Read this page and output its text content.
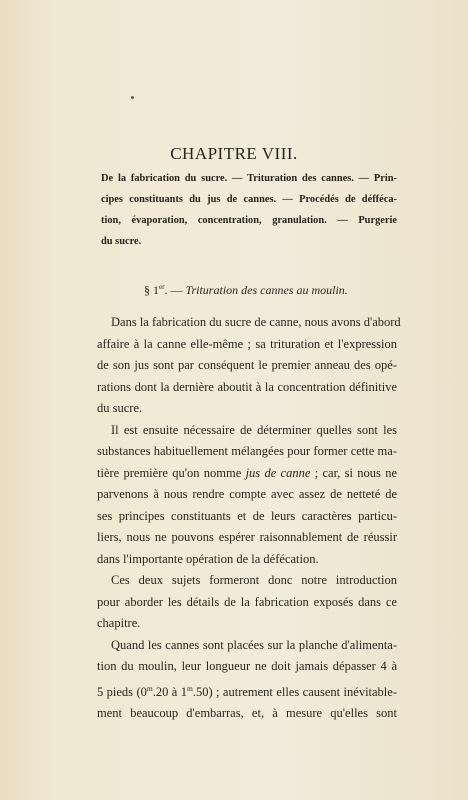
CHAPITRE VIII.
De la fabrication du sucre. — Trituration des cannes. — Prin-
cipes constituants du jus de cannes. — Procédés de défféca-
tion, évaporation, concentration, granulation. — Purgerie
du sucre.
§ 1er. — Trituration des cannes au moulin.
Dans la fabrication du sucre de canne, nous avons d'abord
affaire à la canne elle-même ; sa trituration et l'expression
de son jus sont par conséquent le premier anneau des opé-
rations dont la dernière aboutit à la concentration définitive
du sucre.
Il est ensuite nécessaire de déterminer quelles sont les
substances habituellement mélangées pour former cette ma-
tière première qu'on nomme jus de canne ; car, si nous ne
parvenons à nous rendre compte avec assez de netteté de
ses principes constituants et de leurs caractères particu-
liers, nous ne pouvons espérer raisonnablement de réussir
dans l'importante opération de la défécation.
Ces deux sujets formeront donc notre introduction
pour aborder les détails de la fabrication exposés dans ce
chapitre.
Quand les cannes sont placées sur la planche d'alimenta-
tion du moulin, leur longueur ne doit jamais dépasser 4 à
5 pieds (0$^m$.20 à 1$^m$.50) ; autrement elles causent inévitable-
ment beaucoup d'embarras, et, à mesure qu'elles sont
